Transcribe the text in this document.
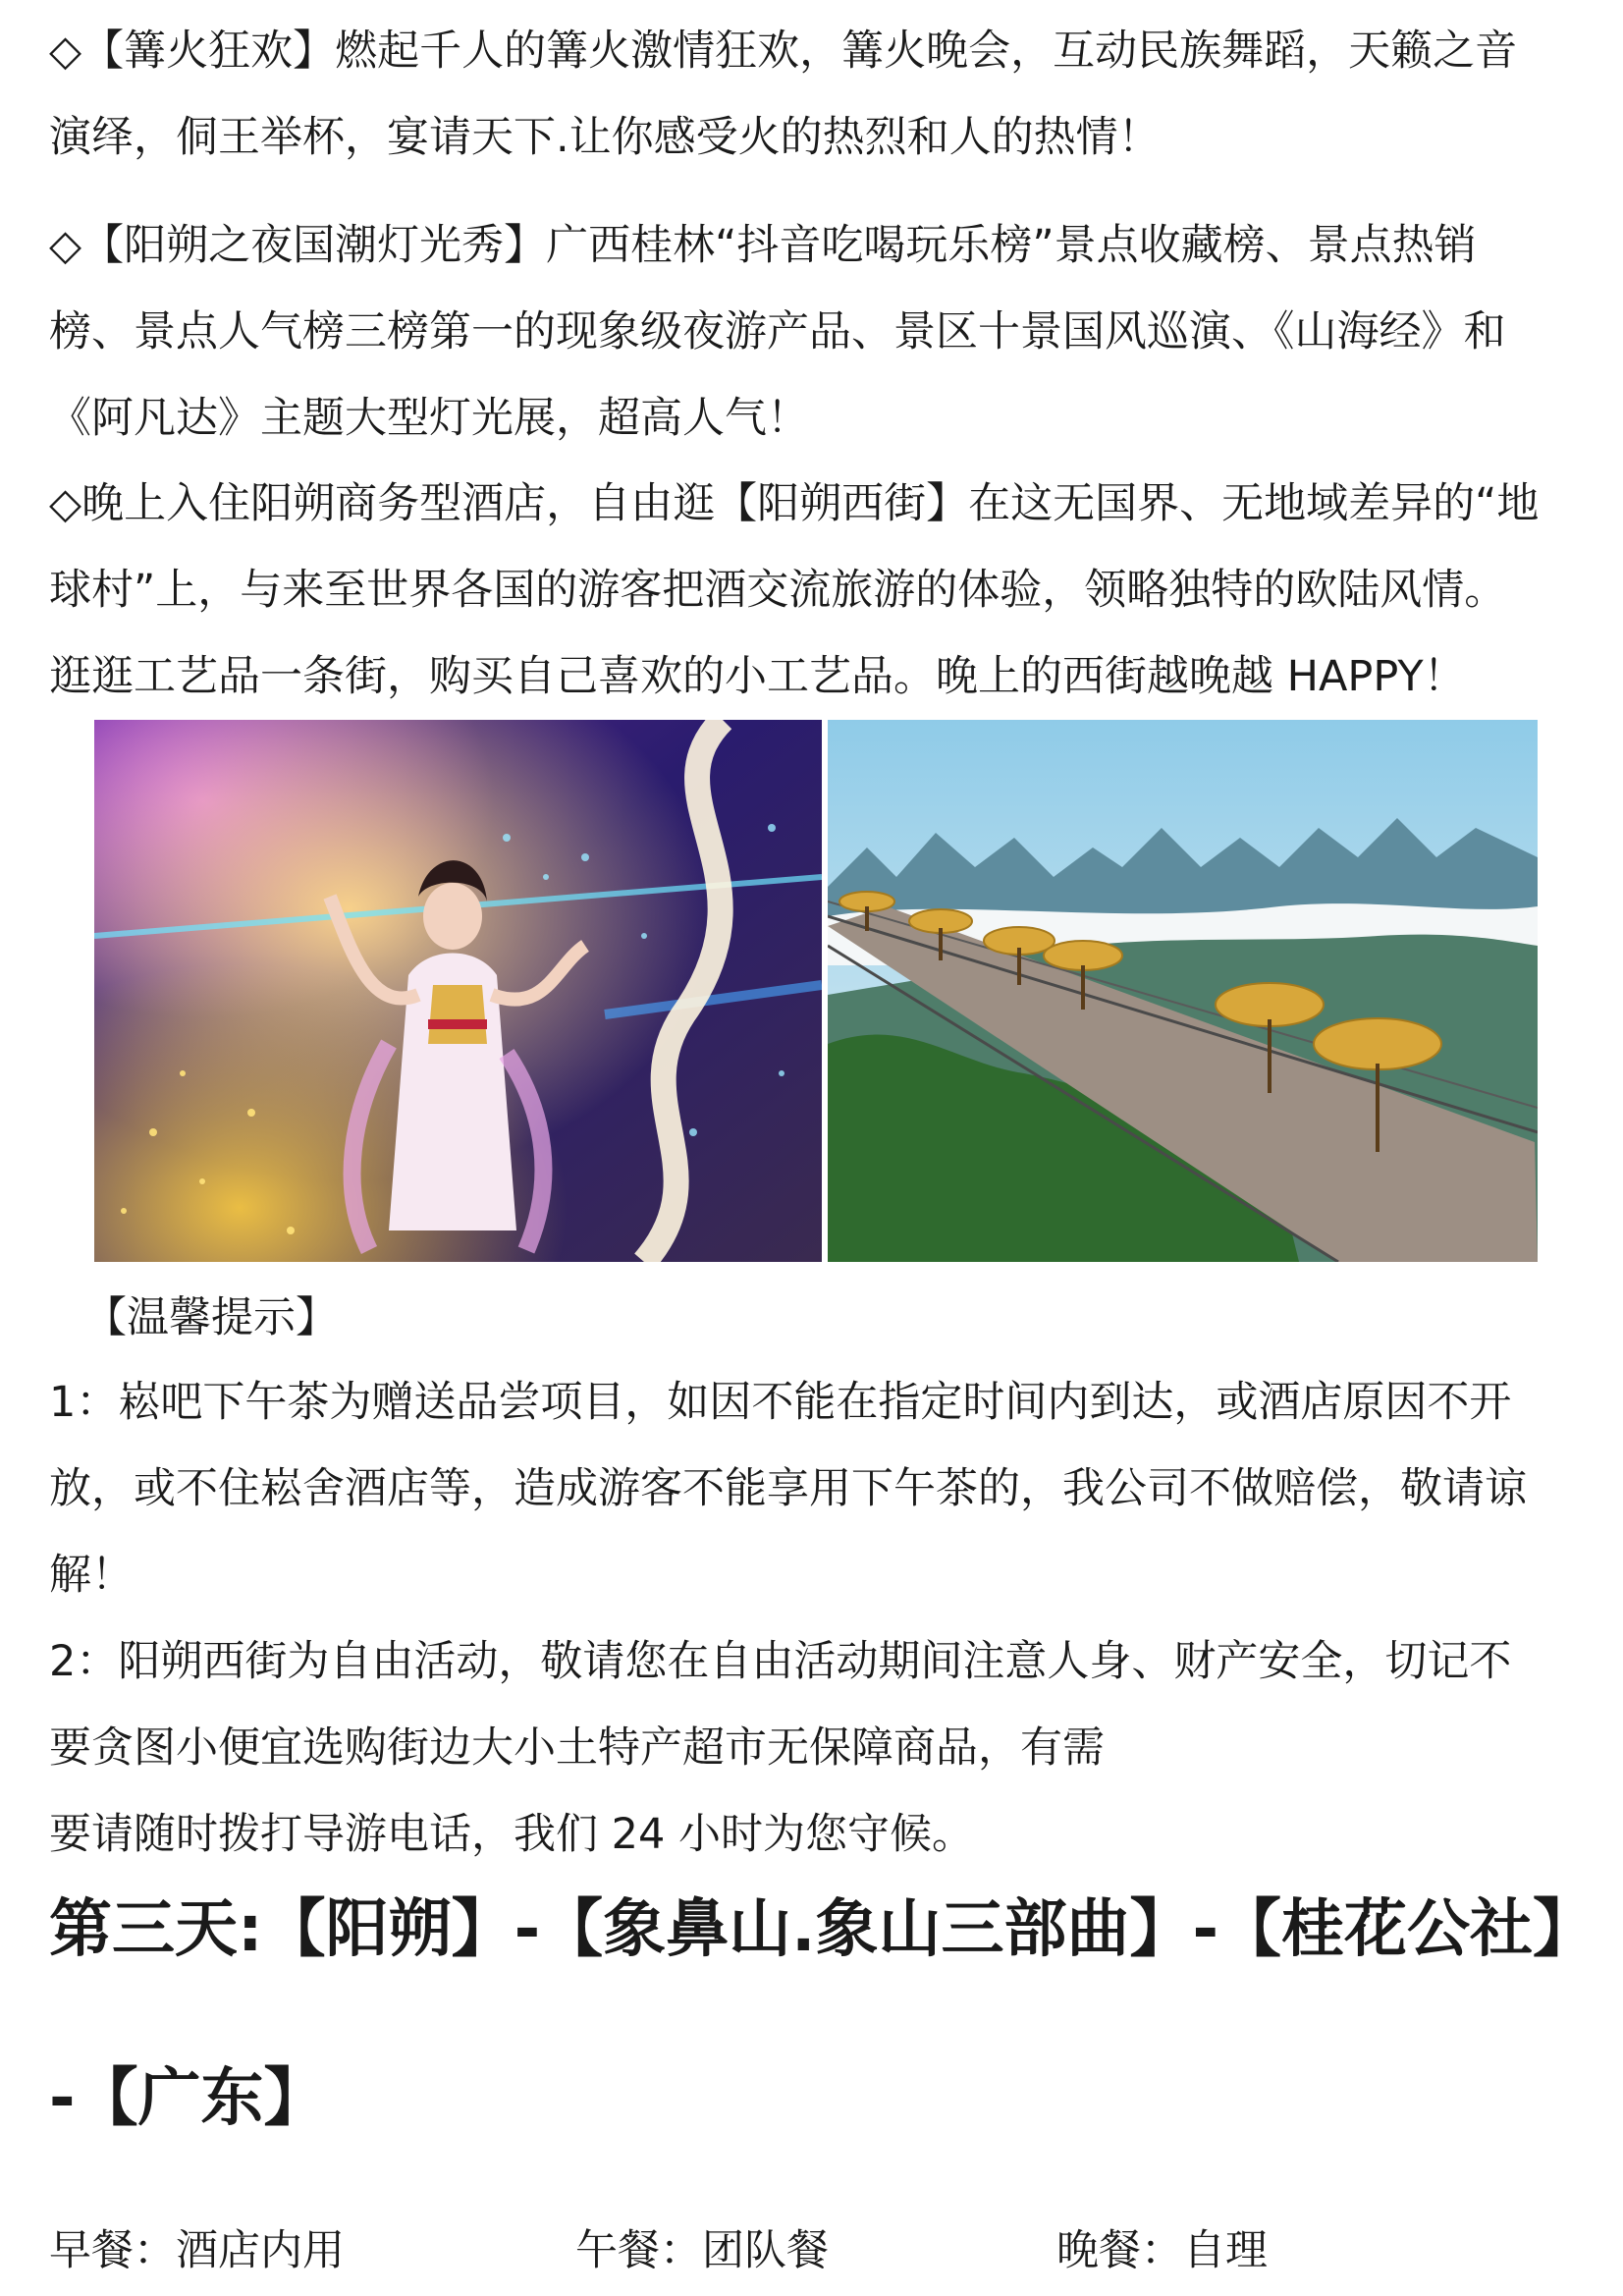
◇【篝火狂欢】燃起千人的篝火激情狂欢，篝火晚会，互动民族舞蹈，天籁之音
演绎，侗王举杯，宴请天下.让你感受火的热烈和人的热情！
◇【阳朔之夜国潮灯光秀】广西桂林“抖音吃喝玩乐榜”景点收藏榜、景点热销
榜、景点人气榜三榜第一的现象级夜游产品、景区十景国风巡演、《山海经》和
《阿凡达》主题大型灯光展，超高人气！
◇晚上入住阳朔商务型酒店，自由逛【阳朔西街】在这无国界、无地域差异的“地
球村”上，与来至世界各国的游客把酒交流旅游的体验，领略独特的欧陆风情。
逛逛工艺品一条街，购买自己喜欢的小工艺品。晚上的西街越晚越 HAPPY！
【温馨提示】
1：崧吧下午茶为赠送品尝项目，如因不能在指定时间内到达，或酒店原因不开
放，或不住崧舍酒店等，造成游客不能享用下午茶的，我公司不做赔偿，敬请谅
解！
2：阳朔西街为自由活动，敬请您在自由活动期间注意人身、财产安全，切记不
要贪图小便宜选购街边大小土特产超市无保障商品，有需
要请随时拨打导游电话，我们 24 小时为您守候。
第三天:【阳朔】-【象鼻山.象山三部曲】-【桂花公社】
-【广东】
早餐：酒店内用	午餐：团队餐	晚餐：自理
